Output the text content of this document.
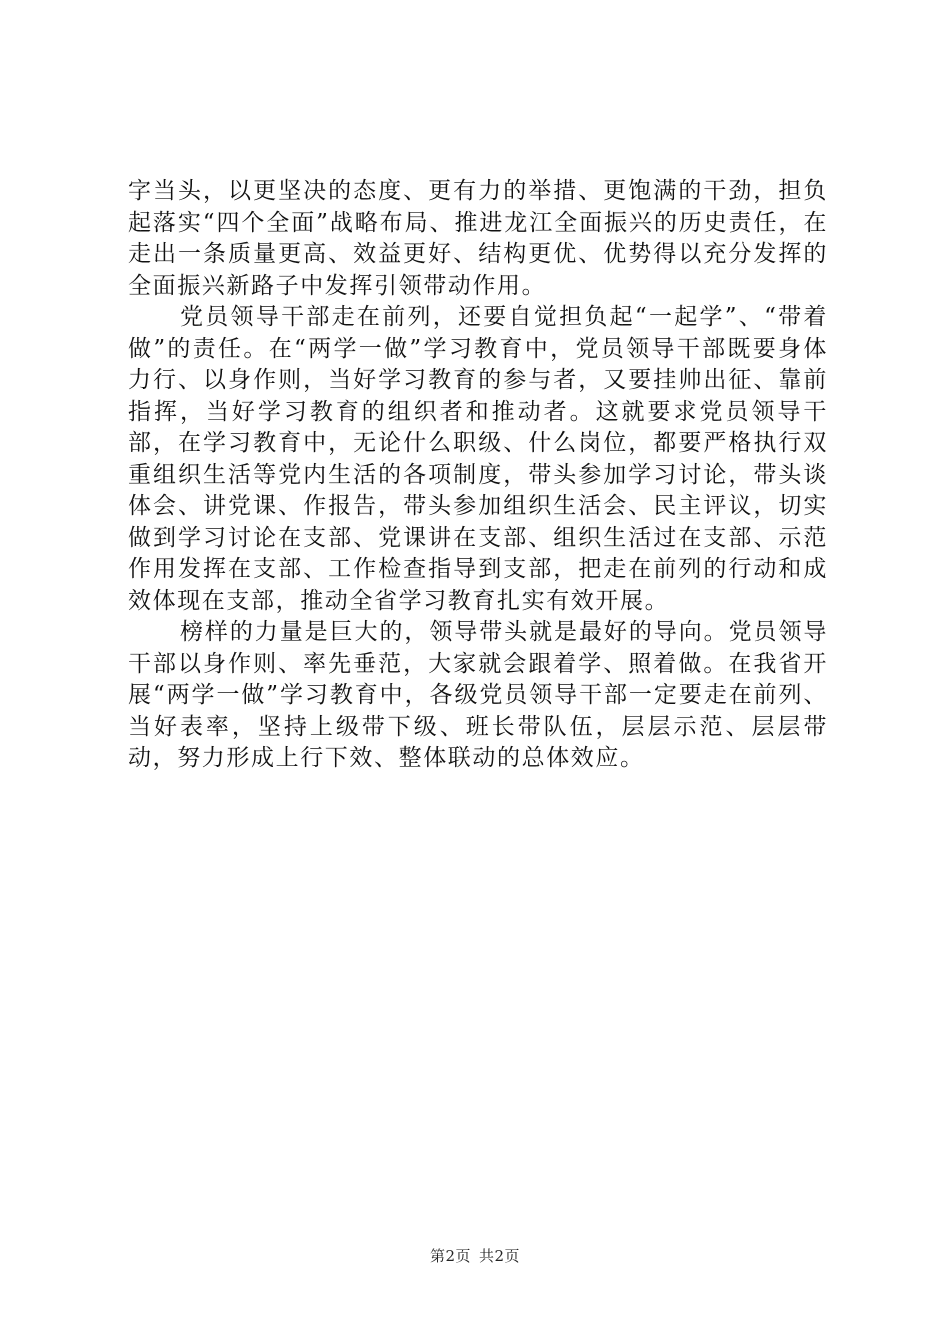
字当头，以更坚决的态度、更有力的举措、更饱满的干劲，担负起落实“四个全面”战略布局、推进龙江全面振兴的历史责任，在走出一条质量更高、效益更好、结构更优、优势得以充分发挥的全面振兴新路子中发挥引领带动作用。

党员领导干部走在前列，还要自觉担负起“一起学”、“带着做”的责任。在“两学一做”学习教育中，党员领导干部既要身体力行、以身作则，当好学习教育的参与者，又要挂帅出征、靠前指挥，当好学习教育的组织者和推动者。这就要求党员领导干部，在学习教育中，无论什么职级、什么岗位，都要严格执行双重组织生活等党内生活的各项制度，带头参加学习讨论，带头谈体会、讲党课、作报告，带头参加组织生活会、民主评议，切实做到学习讨论在支部、党课讲在支部、组织生活过在支部、示范作用发挥在支部、工作检查指导到支部，把走在前列的行动和成效体现在支部，推动全省学习教育扎实有效开展。

榜样的力量是巨大的，领导带头就是最好的导向。党员领导干部以身作则、率先垂范，大家就会跟着学、照着做。在我省开展“两学一做”学习教育中，各级党员领导干部一定要走在前列、当好表率，坚持上级带下级、班长带队伍，层层示范、层层带动，努力形成上行下效、整体联动的总体效应。

第2页 共2页
